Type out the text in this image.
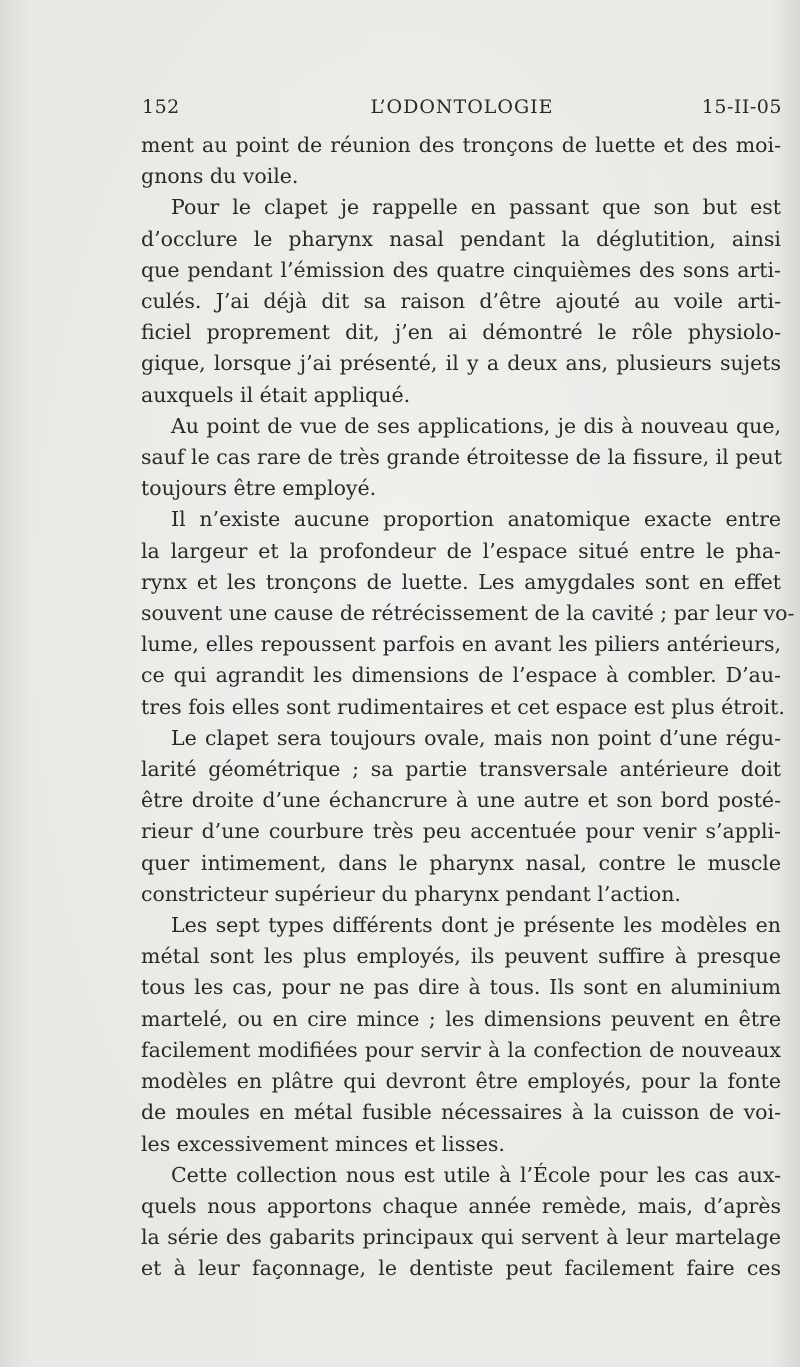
152	L’ODONTOLOGIE	15-II-05

ment au point de réunion des tronçons de luette et des moi-

gnons du voile.

Pour le clapet je rappelle en passant que son but est

d’occlure le pharynx nasal pendant la déglutition, ainsi

que pendant l’émission des quatre cinquièmes des sons arti-

culés. J’ai déjà dit sa raison d’être ajouté au voile arti-

ficiel proprement dit, j’en ai démontré le rôle physiolo-

gique, lorsque j’ai présenté, il y a deux ans, plusieurs sujets

auxquels il était appliqué.

Au point de vue de ses applications, je dis à nouveau que,

sauf le cas rare de très grande étroitesse de la fissure, il peut

toujours être employé.

Il n’existe aucune proportion anatomique exacte entre

la largeur et la profondeur de l’espace situé entre le pha-

rynx et les tronçons de luette. Les amygdales sont en effet

souvent une cause de rétrécissement de la cavité ; par leur vo-

lume, elles repoussent parfois en avant les piliers antérieurs,

ce qui agrandit les dimensions de l’espace à combler. D’au-

tres fois elles sont rudimentaires et cet espace est plus étroit.

Le clapet sera toujours ovale, mais non point d’une régu-

larité géométrique ; sa partie transversale antérieure doit

être droite d’une échancrure à une autre et son bord posté-

rieur d’une courbure très peu accentuée pour venir s’appli-

quer intimement, dans le pharynx nasal, contre le muscle

constricteur supérieur du pharynx pendant l’action.

Les sept types différents dont je présente les modèles en

métal sont les plus employés, ils peuvent suffire à presque

tous les cas, pour ne pas dire à tous. Ils sont en aluminium

martelé, ou en cire mince ; les dimensions peuvent en être

facilement modifiées pour servir à la confection de nouveaux

modèles en plâtre qui devront être employés, pour la fonte

de moules en métal fusible nécessaires à la cuisson de voi-

les excessivement minces et lisses.

Cette collection nous est utile à l’École pour les cas aux-

quels nous apportons chaque année remède, mais, d’après

la série des gabarits principaux qui servent à leur martelage

et à leur façonnage, le dentiste peut facilement faire ces
